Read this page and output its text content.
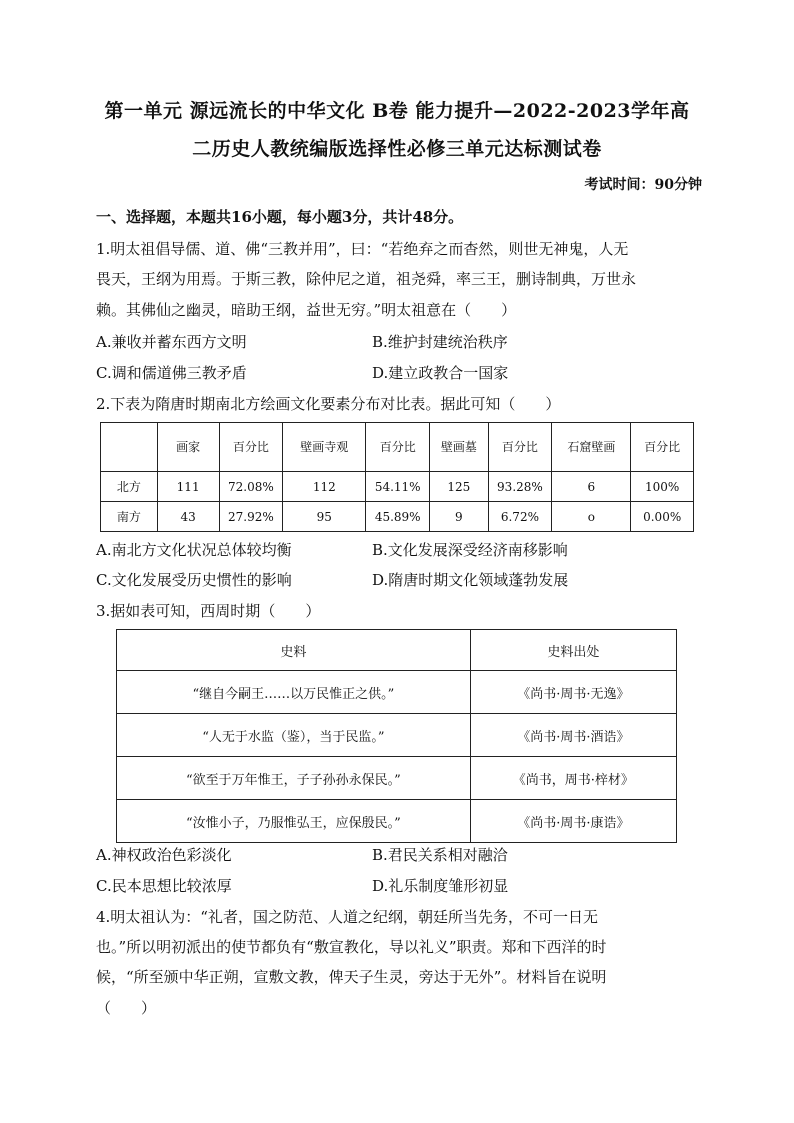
第一单元 源远流长的中华文化 B卷 能力提升—2022-2023学年高
二历史人教统编版选择性必修三单元达标测试卷
考试时间：90分钟
一、选择题，本题共16小题，每小题3分，共计48分。
1.明太祖倡导儒、道、佛“三教并用”，曰：“若绝弃之而杳然，则世无神鬼，人无
畏天，王纲为用焉。于斯三教，除仲尼之道，祖尧舜，率三王，删诗制典，万世永
赖。其佛仙之幽灵，暗助王纲，益世无穷。”明太祖意在（　　）
A.兼收并蓄东西方文明	B.维护封建统治秩序
C.调和儒道佛三教矛盾	D.建立政教合一国家
2.下表为隋唐时期南北方绘画文化要素分布对比表。据此可知（　　）
	画家	百分比	壁画寺观	百分比	壁画墓	百分比	石窟壁画	百分比
北方	111	72.08%	112	54.11%	125	93.28%	6	100%
南方	43	27.92%	95	45.89%	9	6.72%	o	0.00%
A.南北方文化状况总体较均衡	B.文化发展深受经济南移影响
C.文化发展受历史惯性的影响	D.隋唐时期文化领域蓬勃发展
3.据如表可知，西周时期（　　）
史料	史料出处
“继自今嗣王……以万民惟正之供。”	《尚书·周书·无逸》
“人无于水监（鉴），当于民监。”	《尚书·周书·酒诰》
“欲至于万年惟王，子子孙孙永保民。”	《尚书，周书·梓材》
“汝惟小子，乃服惟弘王，应保殷民。”	《尚书·周书·康诰》
A.神权政治色彩淡化	B.君民关系相对融洽
C.民本思想比较浓厚	D.礼乐制度雏形初显
4.明太祖认为：“礼者，国之防范、人道之纪纲，朝廷所当先务，不可一日无
也。”所以明初派出的使节都负有“敷宣教化，导以礼义”职责。郑和下西洋的时
候，“所至颁中华正朔，宣敷文教，俾天子生灵，旁达于无外”。材料旨在说明
（　　）
